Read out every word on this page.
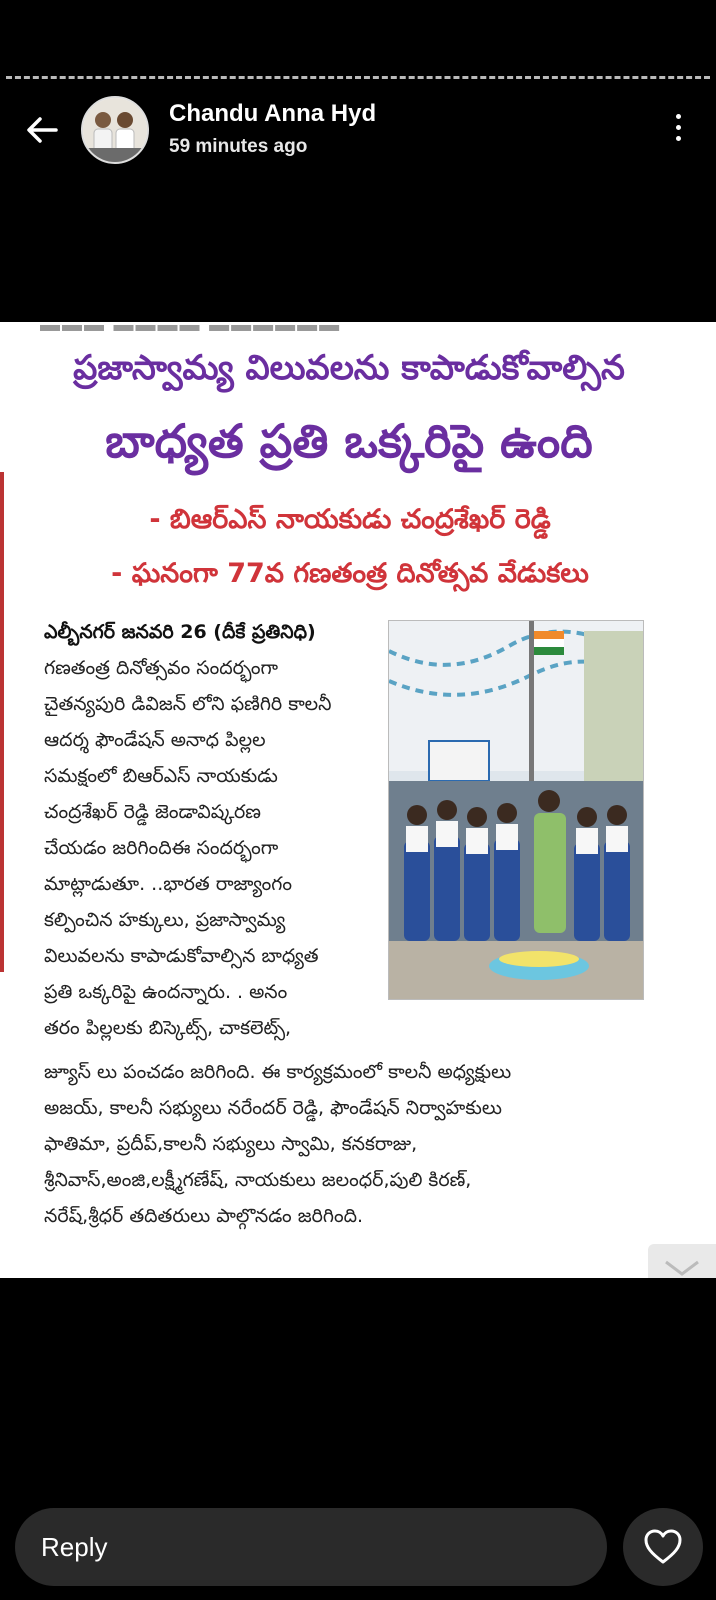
Chandu Anna Hyd
59 minutes ago
▬▬▬ ▬▬▬▬ ▬▬▬▬▬▬
ప్రజాస్వామ్య విలువలను కాపాడుకోవాల్సిన
బాధ్యత ప్రతి ఒక్కరిపై ఉంది
- బిఆర్ఎస్ నాయకుడు చంద్రశేఖర్ రెడ్డి
- ఘనంగా 77వ గణతంత్ర దినోత్సవ వేడుకలు

ఎల్బీనగర్ జనవరి 26 (దీకే ప్రతినిధి)

గణతంత్ర దినోత్సవం సందర్భంగా

చైతన్యపురి డివిజన్ లోని ఫణిగిరి కాలనీ

ఆదర్శ ఫౌండేషన్ అనాధ పిల్లల

సమక్షంలో బిఆర్ఎస్ నాయకుడు

చంద్రశేఖర్ రెడ్డి జెండావిష్కరణ

చేయడం జరిగిందిఈ సందర్భంగా

మాట్లాడుతూ. ..భారత రాజ్యాంగం

కల్పించిన హక్కులు, ప్రజాస్వామ్య

విలువలను కాపాడుకోవాల్సిన బాధ్యత

ప్రతి ఒక్కరిపై ఉందన్నారు. . అనం

తరం పిల్లలకు బిస్కెట్స్, చాకలెట్స్,

జ్యూస్ లు పంచడం జరిగింది. ఈ కార్యక్రమంలో కాలనీ అధ్యక్షులు

అజయ్, కాలనీ సభ్యులు నరేందర్ రెడ్డి, ఫౌండేషన్ నిర్వాహకులు

ఫాతిమా, ప్రదీప్,కాలనీ సభ్యులు స్వామి, కనకరాజు,

శ్రీనివాస్,అంజి,లక్ష్మీగణేష్, నాయకులు జలంధర్,పులి కిరణ్,

నరేష్,శ్రీధర్ తదితరులు పాల్గొనడం జరిగింది.

Reply
